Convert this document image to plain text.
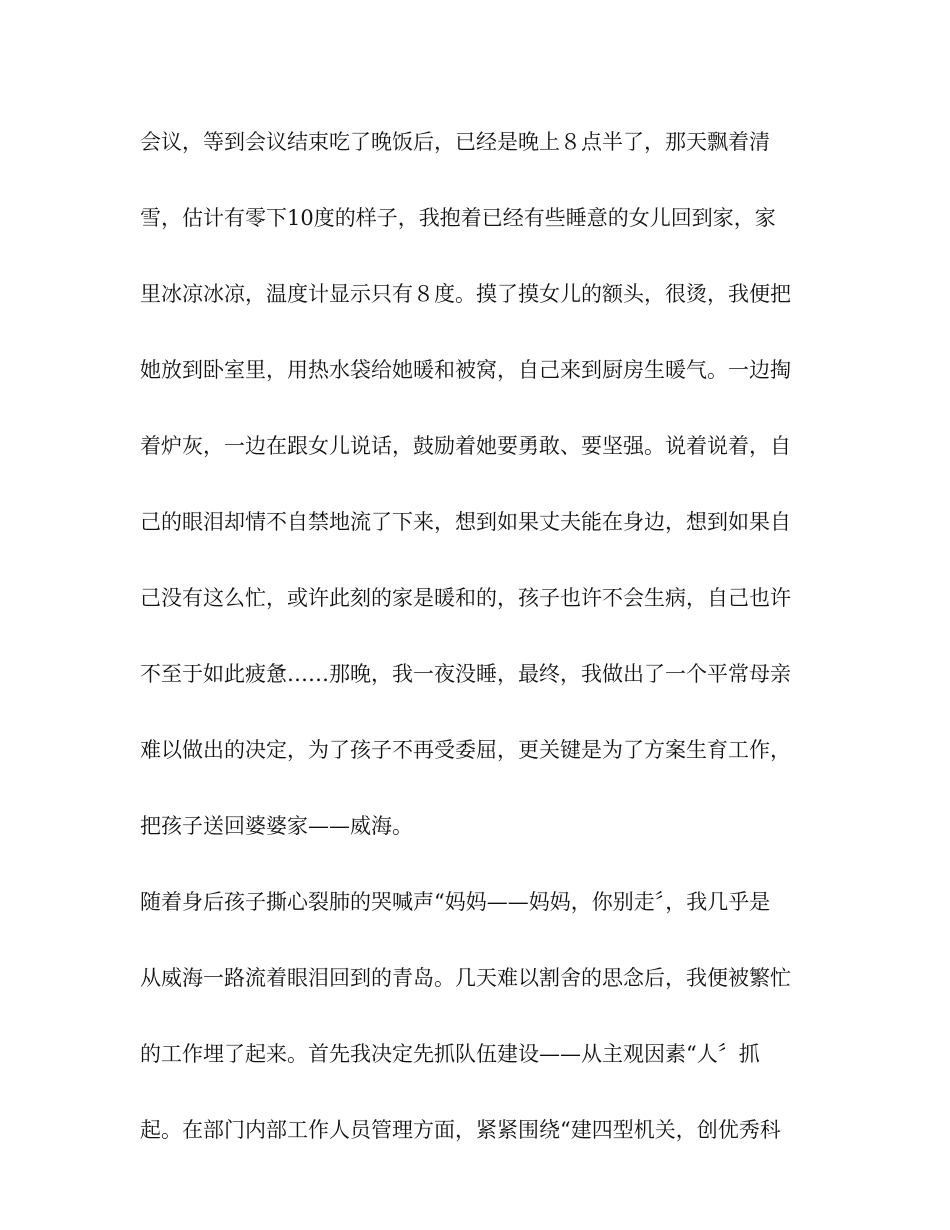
会议，等到会议结束吃了晚饭后，已经是晚上８点半了，那天飘着清
雪，估计有零下10度的样子，我抱着已经有些睡意的女儿回到家，家
里冰凉冰凉，温度计显示只有８度。摸了摸女儿的额头，很烫，我便把
她放到卧室里，用热水袋给她暖和被窝，自己来到厨房生暖气。一边掏
着炉灰，一边在跟女儿说话，鼓励着她要勇敢、要坚强。说着说着，自
己的眼泪却情不自禁地流了下来，想到如果丈夫能在身边，想到如果自
己没有这么忙，或许此刻的家是暖和的，孩子也许不会生病，自己也许
不至于如此疲惫……那晚，我一夜没睡，最终，我做出了一个平常母亲
难以做出的决定，为了孩子不再受委屈，更关键是为了方案生育工作，
把孩子送回婆婆家——威海。
随着身后孩子撕心裂肺的哭喊声“妈妈——妈妈，你别走〞，我几乎是
从威海一路流着眼泪回到的青岛。几天难以割舍的思念后，我便被繁忙
的工作埋了起来。首先我决定先抓队伍建设——从主观因素“人〞抓
起。在部门内部工作人员管理方面，紧紧围绕“建四型机关，创优秀科
